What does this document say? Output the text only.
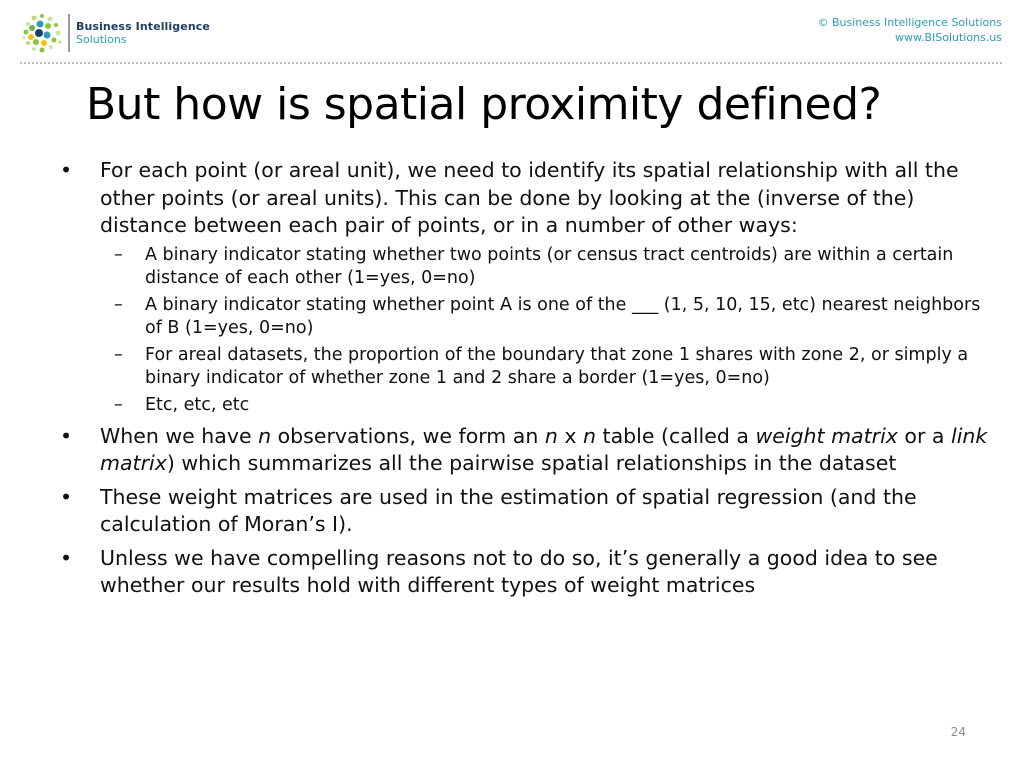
Business Intelligence
Solutions
© Business Intelligence Solutions
www.BISolutions.us
But how is spatial proximity defined?
• For each point (or areal unit), we need to identify its spatial relationship with all the other points (or areal units). This can be done by looking at the (inverse of the) distance between each pair of points, or in a number of other ways:
– A binary indicator stating whether two points (or census tract centroids) are within a certain distance of each other (1=yes, 0=no)
– A binary indicator stating whether point A is one of the ___ (1, 5, 10, 15, etc) nearest neighbors of B (1=yes, 0=no)
– For areal datasets, the proportion of the boundary that zone 1 shares with zone 2, or simply a binary indicator of whether zone 1 and 2 share a border (1=yes, 0=no)
– Etc, etc, etc
• When we have n observations, we form an n x n table (called a weight matrix or a link matrix) which summarizes all the pairwise spatial relationships in the dataset
• These weight matrices are used in the estimation of spatial regression (and the calculation of Moran’s I).
• Unless we have compelling reasons not to do so, it’s generally a good idea to see whether our results hold with different types of weight matrices
24
